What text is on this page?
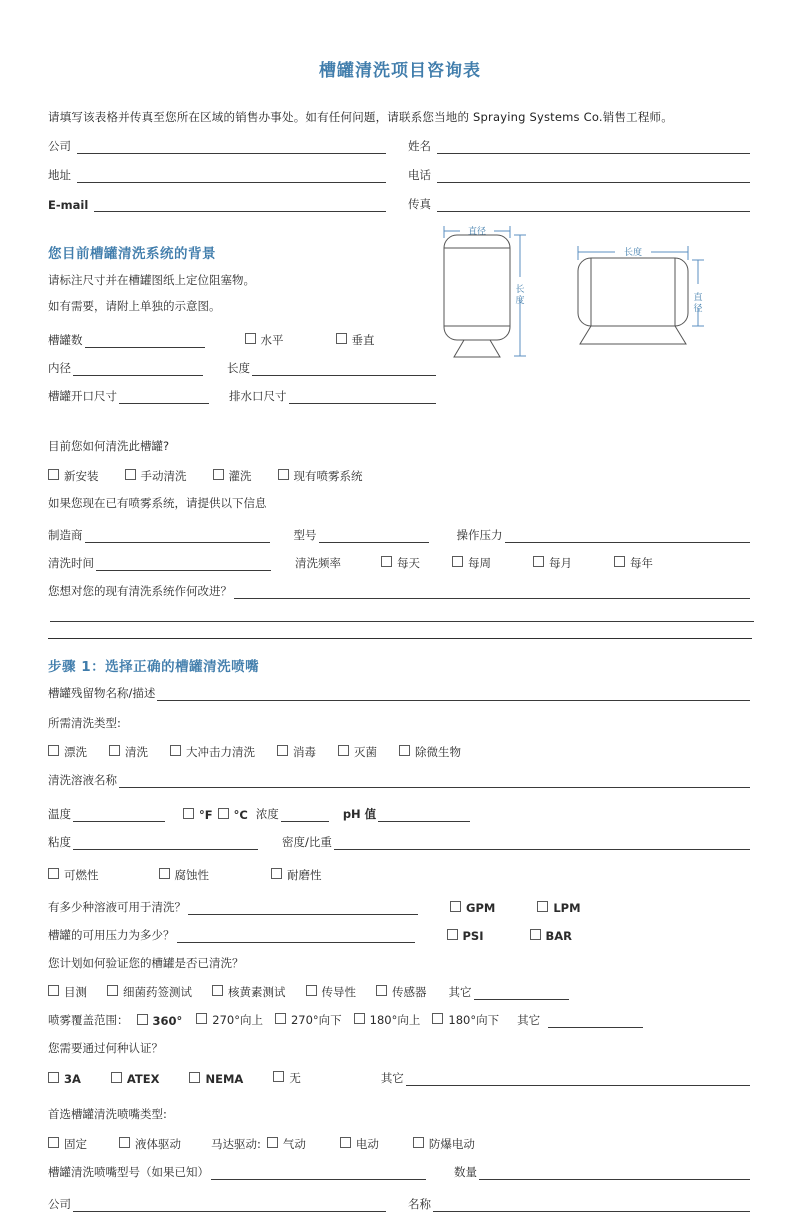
槽罐清洗项目咨询表
请填写该表格并传真至您所在区域的销售办事处。如有任何问题，请联系您当地的 Spraying Systems Co.销售工程师。
公司	姓名
地址	电话
E-mail	传真
您目前槽罐清洗系统的背景
请标注尺寸并在槽罐图纸上定位阻塞物。
如有需要，请附上单独的示意图。
槽罐数	水平	垂直
内径	长度
槽罐开口尺寸	排水口尺寸
目前您如何清洗此槽罐?
新安装	手动清洗	灌洗	现有喷雾系统
如果您现在已有喷雾系统，请提供以下信息
制造商	型号	操作压力
清洗时间	清洗频率	每天	每周	每月	每年
您想对您的现有清洗系统作何改进？
步骤 1：选择正确的槽罐清洗喷嘴
槽罐残留物名称/描述
所需清洗类型:
漂洗	清洗	大冲击力清洗	消毒	灭菌	除微生物
清洗溶液名称
温度	°F °C 浓度	pH 值
粘度	密度/比重
可燃性	腐蚀性	耐磨性
有多少种溶液可用于清洗？	GPM	LPM
槽罐的可用压力为多少？	PSI	BAR
您计划如何验证您的槽罐是否已清洗？
目测	细菌药签测试	核黄素测试	传导性	传感器 其它
喷雾覆盖范围： 360°	270°向上 270°向下 180°向上 180°向下 其它
您需要通过何种认证？
3A	ATEX	NEMA	无	其它
首选槽罐清洗喷嘴类型:
固定	液体驱动	马达驱动: 气动	电动	防爆电动
槽罐清洗喷嘴型号（如果已知）	数量
公司	名称
直径
长度
长度
直径
